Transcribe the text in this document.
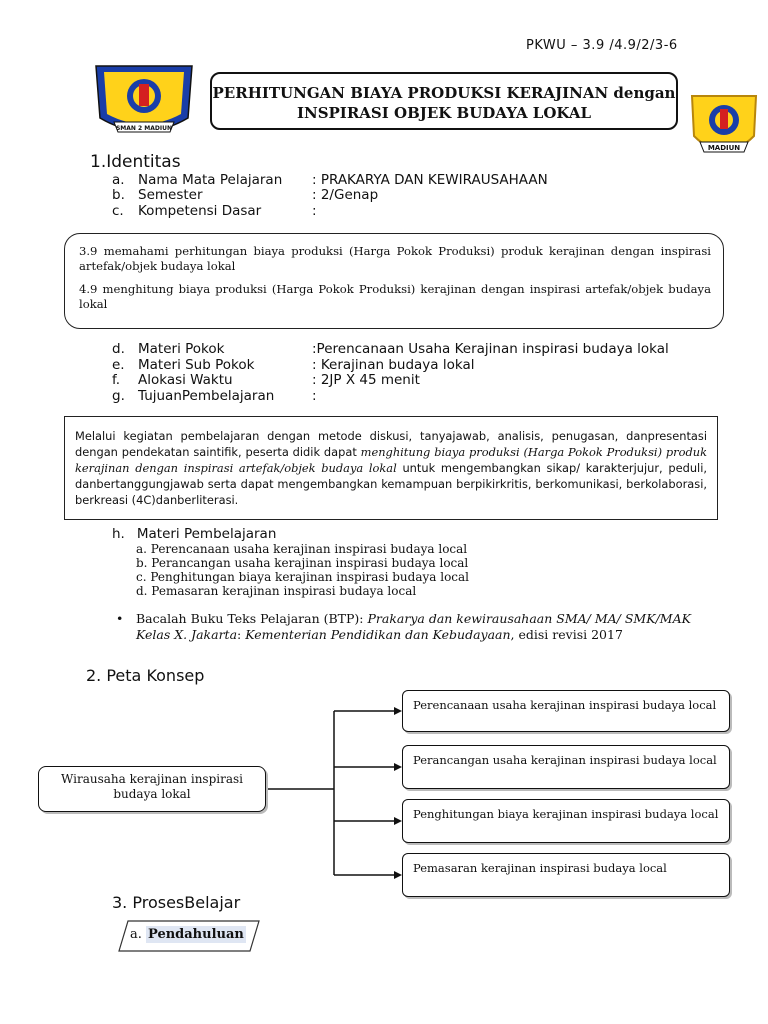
PKWU – 3.9 /4.9/2/3-6
SMAN 2 MADIUN
PERHITUNGAN BIAYA PRODUKSI KERAJINAN dengan
INSPIRASI OBJEK BUDAYA LOKAL
MADIUN
1.Identitas
a. Nama Mata Pelajaran : PRAKARYA DAN KEWIRAUSAHAAN
b. Semester	: 2/Genap
c. Kompetensi Dasar	:

3.9 memahami perhitungan biaya produksi (Harga Pokok Produksi) produk kerajinan dengan inspirasi artefak/objek budaya lokal

4.9 menghitung biaya produksi (Harga Pokok Produksi) kerajinan dengan inspirasi artefak/objek budaya lokal

d. Materi Pokok	:Perencanaan Usaha Kerajinan inspirasi budaya lokal
e. Materi Sub Pokok	: Kerajinan budaya lokal
f. Alokasi Waktu	: 2JP X 45 menit
g. TujuanPembelajaran	:
Melalui kegiatan pembelajaran dengan metode diskusi, tanyajawab, analisis, penugasan, danpresentasi dengan pendekatan saintifik, peserta didik dapat menghitung biaya produksi (Harga Pokok Produksi) produk kerajinan dengan inspirasi artefak/objek budaya lokal untuk mengembangkan sikap/ karakterjujur, peduli, danbertanggungjawab serta dapat mengembangkan kemampuan berpikirkritis, berkomunikasi, berkolaborasi, berkreasi (4C)danberliterasi.
h. Materi Pembelajaran
a. Perencanaan usaha kerajinan inspirasi budaya local
b. Perancangan usaha kerajinan inspirasi budaya local
c. Penghitungan biaya kerajinan inspirasi budaya local
d. Pemasaran kerajinan inspirasi budaya local
• Bacalah Buku Teks Pelajaran (BTP): Prakarya dan kewirausahaan SMA/ MA/ SMK/MAK
Kelas X. Jakarta: Kementerian Pendidikan dan Kebudayaan, edisi revisi 2017
2. Peta Konsep
Wirausaha kerajinan inspirasi budaya lokal
Perencanaan usaha kerajinan inspirasi budaya local
Perancangan usaha kerajinan inspirasi budaya local
Penghitungan biaya kerajinan inspirasi budaya local
Pemasaran kerajinan inspirasi budaya local
3. ProsesBelajar
a. Pendahuluan
